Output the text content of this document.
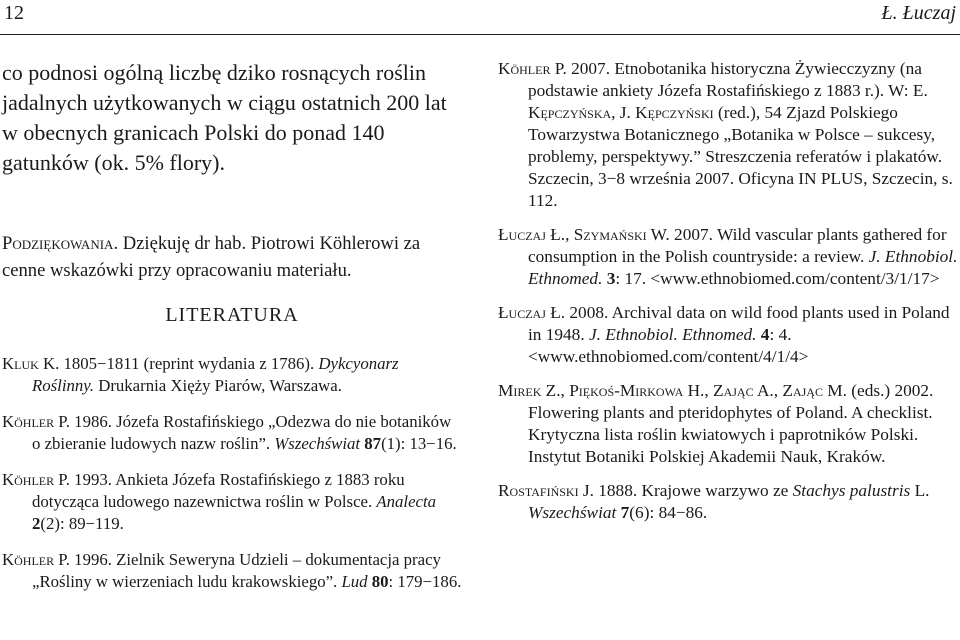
12	Ł. Łuczaj

co podnosi ogólną liczbę dziko rosnących roślin jadalnych użytkowanych w ciągu ostatnich 200 lat w obecnych granicach Polski do ponad 140 gatunków (ok. 5% flory).

Podziękowania. Dziękuję dr hab. Piotrowi Köhlerowi za cenne wskazówki przy opracowaniu materiału.

LITERATURA

Kluk K. 1805−1811 (reprint wydania z 1786). Dykcyonarz Roślinny. Drukarnia Xięży Piarów, Warszawa.

Köhler P. 1986. Józefa Rostafińskiego „Odezwa do nie botaników o zbieranie ludowych nazw roślin”. Wszechświat 87(1): 13−16.

Köhler P. 1993. Ankieta Józefa Rostafińskiego z 1883 roku dotycząca ludowego nazewnictwa roślin w Polsce. Analecta 2(2): 89−119.

Köhler P. 1996. Zielnik Seweryna Udzieli – dokumentacja pracy „Rośliny w wierzeniach ludu krakowskiego”. Lud 80: 179−186.

Köhler P. 2007. Etnobotanika historyczna Żywiecczyzny (na podstawie ankiety Józefa Rostafińskiego z 1883 r.). W: E. Kępczyńska, J. Kępczyński (red.), 54 Zjazd Polskiego Towarzystwa Botanicznego „Botanika w Polsce – sukcesy, problemy, perspektywy.” Streszczenia referatów i plakatów. Szczecin, 3−8 września 2007. Oficyna IN PLUS, Szczecin, s. 112.

Łuczaj Ł., Szymański W. 2007. Wild vascular plants gathered for consumption in the Polish countryside: a review. J. Ethnobiol. Ethnomed. 3: 17. <www.ethnobiomed.com/content/3/1/17>

Łuczaj Ł. 2008. Archival data on wild food plants used in Poland in 1948. J. Ethnobiol. Ethnomed. 4: 4. <www.ethnobiomed.com/content/4/1/4>

Mirek Z., Piękoś-Mirkowa H., Zając A., Zając M. (eds.) 2002. Flowering plants and pteridophytes of Poland. A checklist. Krytyczna lista roślin kwiatowych i paprotników Polski. Instytut Botaniki Polskiej Akademii Nauk, Kraków.

Rostafiński J. 1888. Krajowe warzywo ze Stachys palustris L. Wszechświat 7(6): 84−86.
